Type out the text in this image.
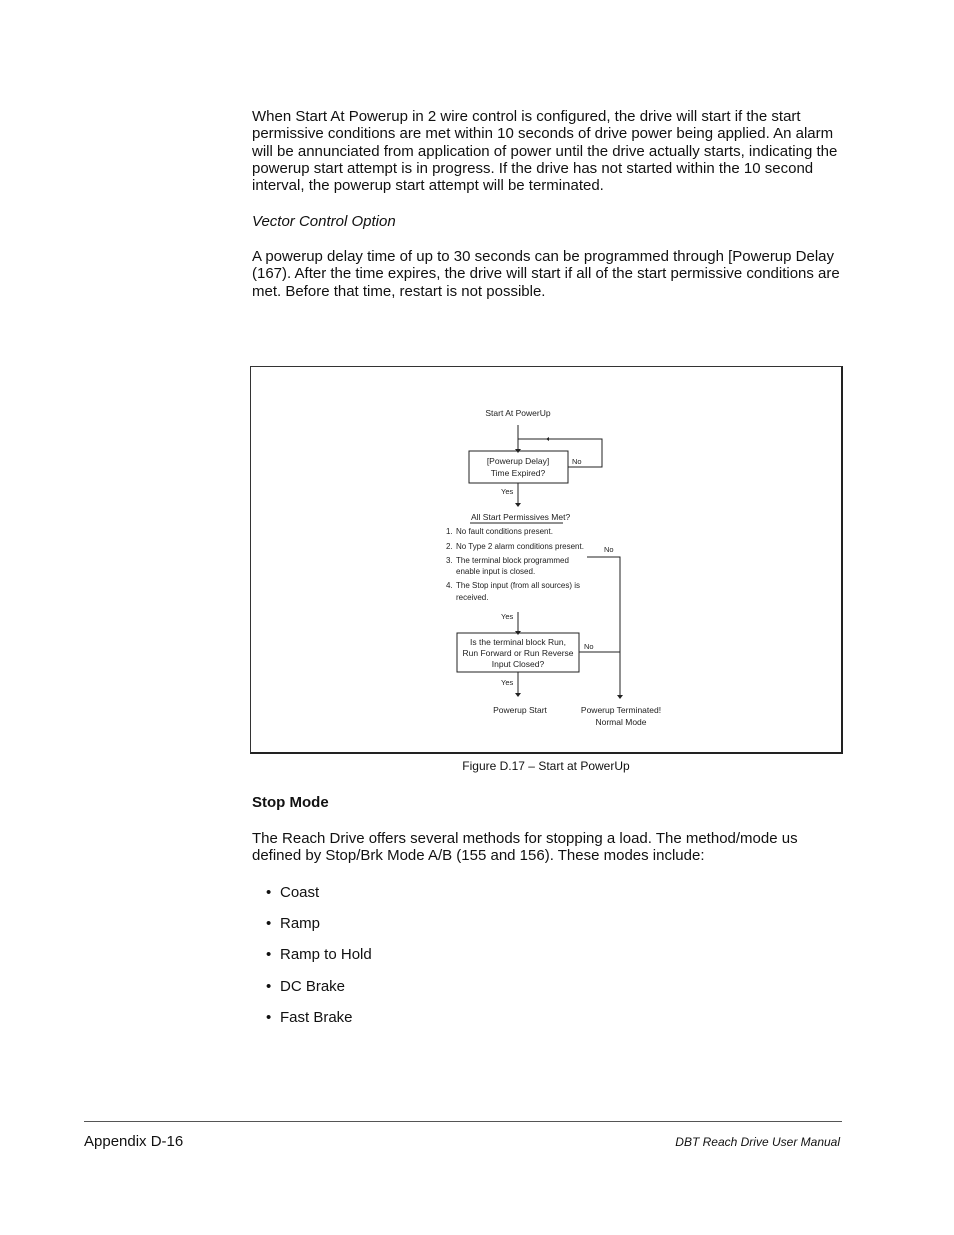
When Start At Powerup in 2 wire control is configured, the drive will start if the start permissive conditions are met within 10 seconds of drive power being applied. An alarm will be annunciated from application of power until the drive actually starts, indicating the powerup start attempt is in progress. If the drive has not started within the 10 second interval, the powerup start attempt will be terminated.

Vector Control Option

A powerup delay time of up to 30 seconds can be programmed through [Powerup Delay (167). After the time expires, the drive will start if all of the start permissive conditions are met. Before that time, restart is not possible.

Start At PowerUp
[Powerup Delay]
Time Expired?
No
Yes
All Start Permissives Met?
1. No fault conditions present.
2. No Type 2 alarm conditions present.
3. The terminal block programmed
enable input is closed.
4. The Stop input (from all sources) is
received.
No
Yes
Is the terminal block Run,
Run Forward or Run Reverse
Input Closed?
No
Yes
Powerup Start	Powerup Terminated!
Normal Mode
Figure D.17 – Start at PowerUp

Stop Mode

The Reach Drive offers several methods for stopping a load. The method/mode us defined by Stop/Brk Mode A/B (155 and 156). These modes include:

• Coast
• Ramp
• Ramp to Hold
• DC Brake
• Fast Brake
Appendix D-16	DBT Reach Drive User Manual
